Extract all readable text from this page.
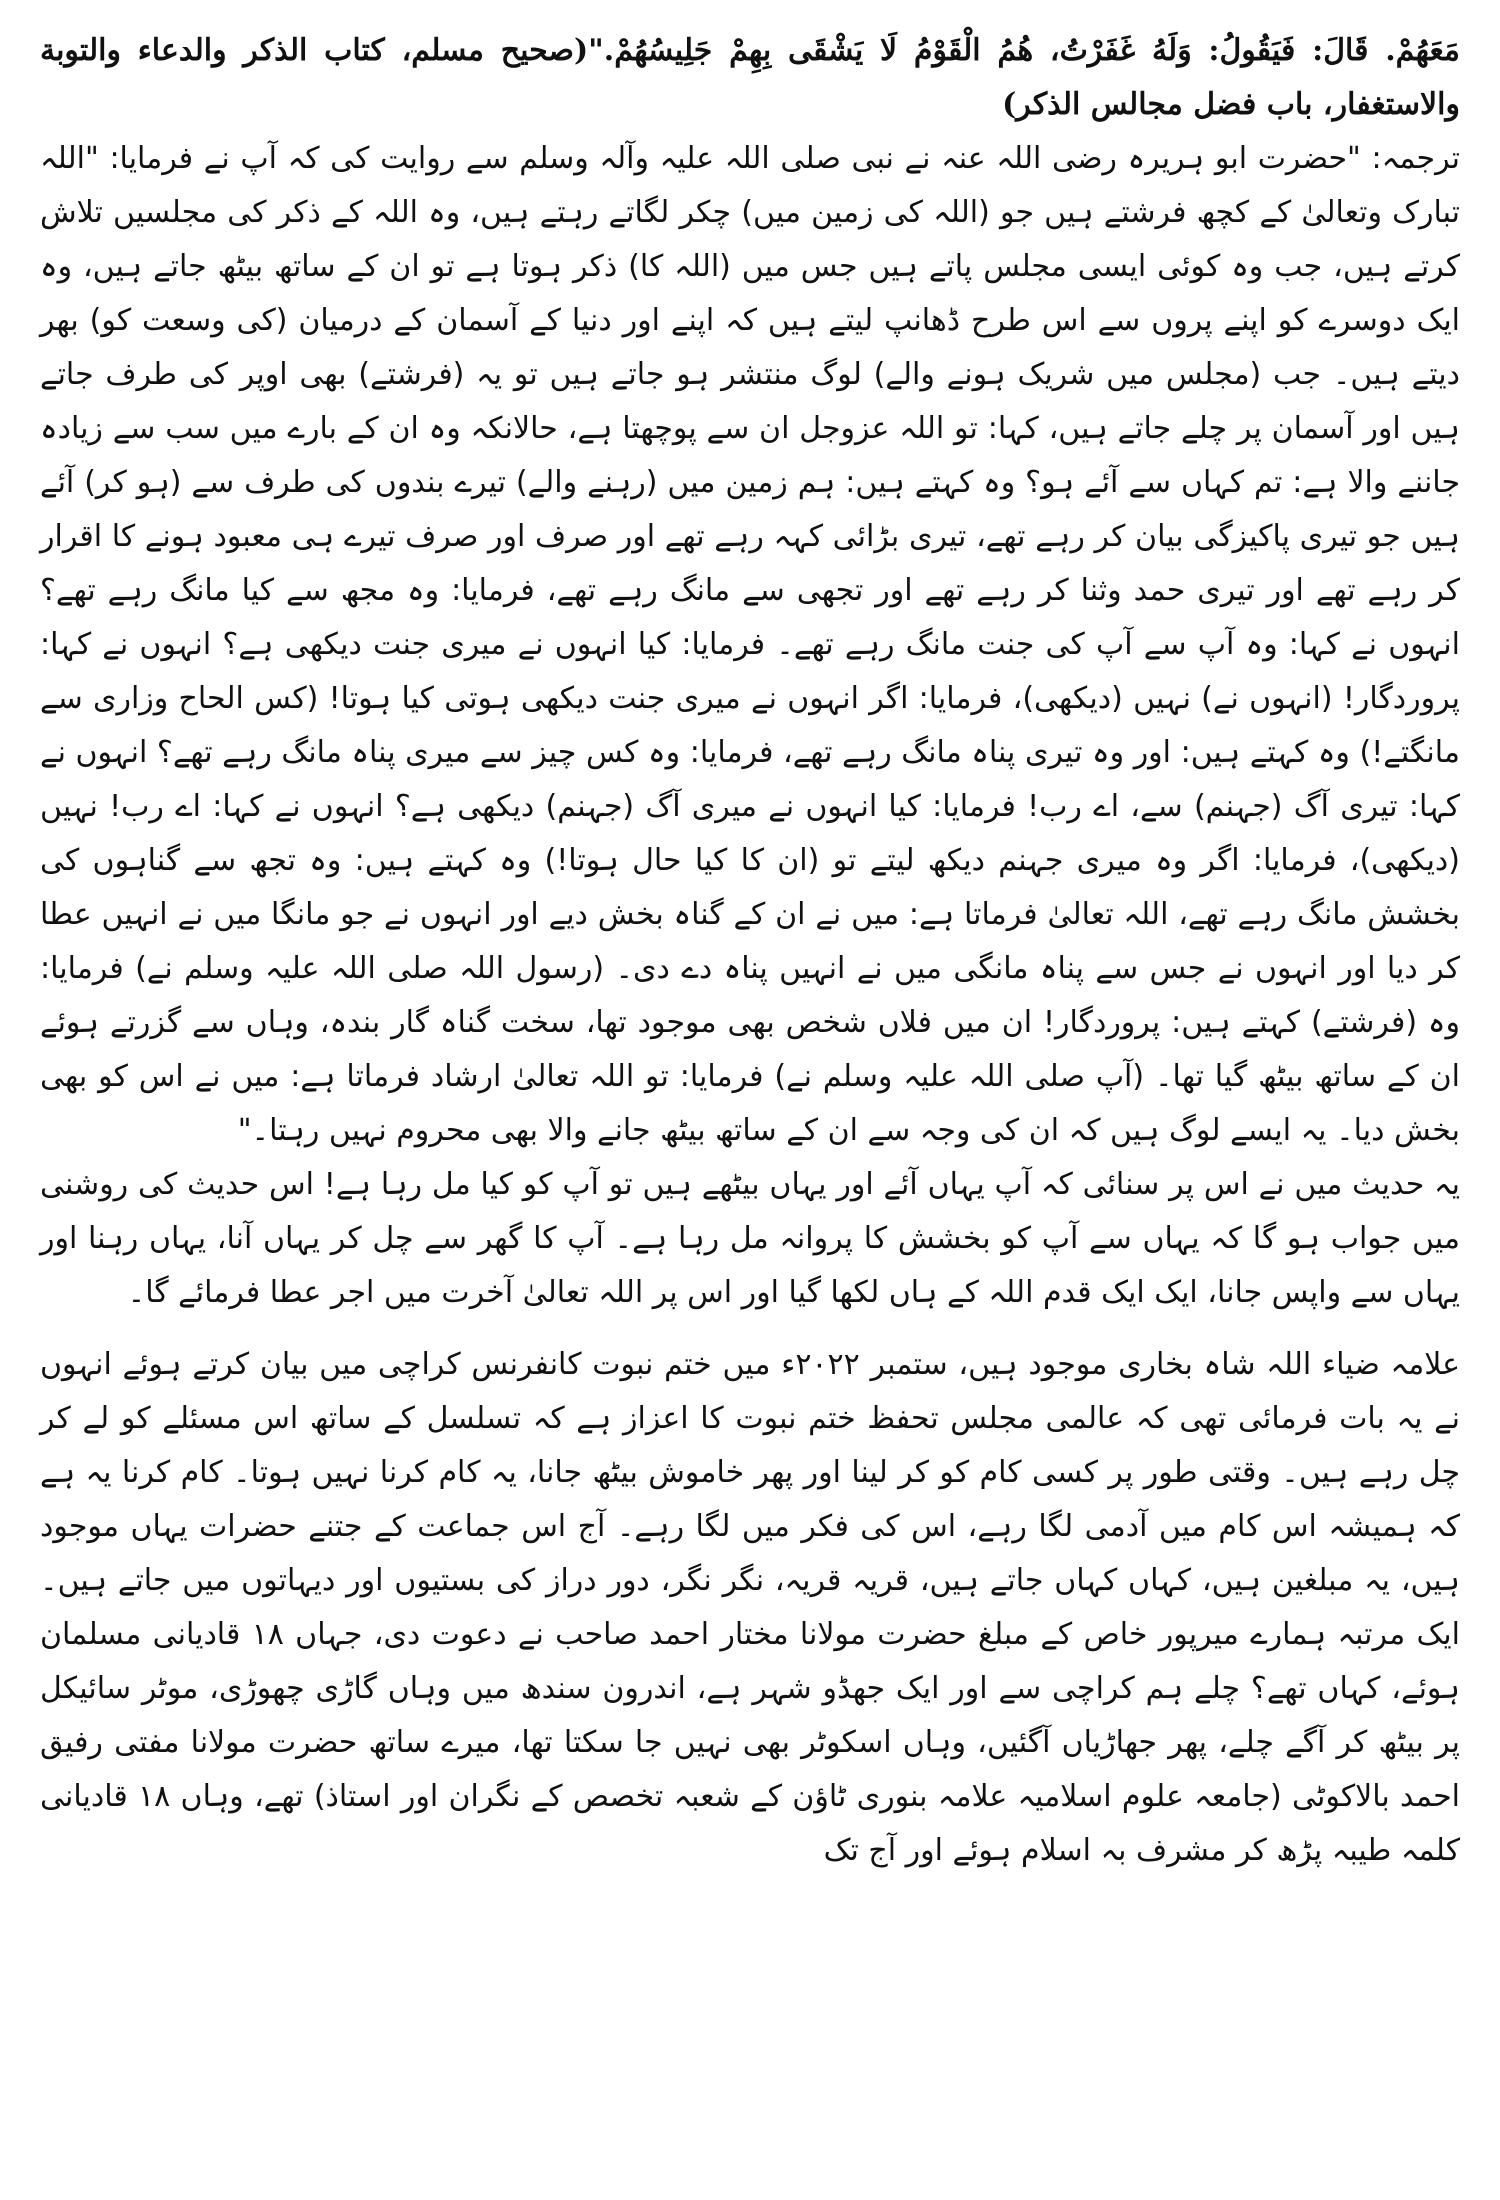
مَعَهُمْ. قَالَ: فَيَقُولُ: وَلَهُ غَفَرْتُ، هُمُ الْقَوْمُ لَا يَشْقَى بِهِمْ جَلِيسُهُمْ."(صحیح مسلم، کتاب الذکر والدعاء والتوبة والاستغفار، باب فضل مجالس الذکر)

ترجمہ: "حضرت ابو ہریرہ رضی اللہ عنہ نے نبی صلی اللہ علیہ وآلہ وسلم سے روایت کی کہ آپ نے فرمایا: "اللہ تبارک وتعالیٰ کے کچھ فرشتے ہیں جو (اللہ کی زمین میں) چکر لگاتے رہتے ہیں، وہ اللہ کے ذکر کی مجلسیں تلاش کرتے ہیں، جب وہ کوئی ایسی مجلس پاتے ہیں جس میں (اللہ کا) ذکر ہوتا ہے تو ان کے ساتھ بیٹھ جاتے ہیں، وہ ایک دوسرے کو اپنے پروں سے اس طرح ڈھانپ لیتے ہیں کہ اپنے اور دنیا کے آسمان کے درمیان (کی وسعت کو) بھر دیتے ہیں۔ جب (مجلس میں شریک ہونے والے) لوگ منتشر ہو جاتے ہیں تو یہ (فرشتے) بھی اوپر کی طرف جاتے ہیں اور آسمان پر چلے جاتے ہیں، کہا: تو اللہ عزوجل ان سے پوچھتا ہے، حالانکہ وہ ان کے بارے میں سب سے زیادہ جاننے والا ہے: تم کہاں سے آئے ہو؟ وہ کہتے ہیں: ہم زمین میں (رہنے والے) تیرے بندوں کی طرف سے (ہو کر) آئے ہیں جو تیری پاکیزگی بیان کر رہے تھے، تیری بڑائی کہہ رہے تھے اور صرف اور صرف تیرے ہی معبود ہونے کا اقرار کر رہے تھے اور تیری حمد وثنا کر رہے تھے اور تجھی سے مانگ رہے تھے، فرمایا: وہ مجھ سے کیا مانگ رہے تھے؟ انہوں نے کہا: وہ آپ سے آپ کی جنت مانگ رہے تھے۔ فرمایا: کیا انہوں نے میری جنت دیکھی ہے؟ انہوں نے کہا: پروردگار! (انہوں نے) نہیں (دیکھی)، فرمایا: اگر انہوں نے میری جنت دیکھی ہوتی کیا ہوتا! (کس الحاح وزاری سے مانگتے!) وہ کہتے ہیں: اور وہ تیری پناہ مانگ رہے تھے، فرمایا: وہ کس چیز سے میری پناہ مانگ رہے تھے؟ انہوں نے کہا: تیری آگ (جہنم) سے، اے رب! فرمایا: کیا انہوں نے میری آگ (جہنم) دیکھی ہے؟ انہوں نے کہا: اے رب! نہیں (دیکھی)، فرمایا: اگر وہ میری جہنم دیکھ لیتے تو (ان کا کیا حال ہوتا!) وہ کہتے ہیں: وہ تجھ سے گناہوں کی بخشش مانگ رہے تھے، اللہ تعالیٰ فرماتا ہے: میں نے ان کے گناہ بخش دیے اور انہوں نے جو مانگا میں نے انہیں عطا کر دیا اور انہوں نے جس سے پناہ مانگی میں نے انہیں پناہ دے دی۔ (رسول اللہ صلی اللہ علیہ وسلم نے) فرمایا: وہ (فرشتے) کہتے ہیں: پروردگار! ان میں فلاں شخص بھی موجود تھا، سخت گناہ گار بندہ، وہاں سے گزرتے ہوئے ان کے ساتھ بیٹھ گیا تھا۔ (آپ صلی اللہ علیہ وسلم نے) فرمایا: تو اللہ تعالیٰ ارشاد فرماتا ہے: میں نے اس کو بھی بخش دیا۔ یہ ایسے لوگ ہیں کہ ان کی وجہ سے ان کے ساتھ بیٹھ جانے والا بھی محروم نہیں رہتا۔"

یہ حدیث میں نے اس پر سنائی کہ آپ یہاں آئے اور یہاں بیٹھے ہیں تو آپ کو کیا مل رہا ہے! اس حدیث کی روشنی میں جواب ہو گا کہ یہاں سے آپ کو بخشش کا پروانہ مل رہا ہے۔ آپ کا گھر سے چل کر یہاں آنا، یہاں رہنا اور یہاں سے واپس جانا، ایک ایک قدم اللہ کے ہاں لکھا گیا اور اس پر اللہ تعالیٰ آخرت میں اجر عطا فرمائے گا۔

علامہ ضیاء اللہ شاہ بخاری موجود ہیں، ستمبر ۲۰۲۲ء میں ختم نبوت کانفرنس کراچی میں بیان کرتے ہوئے انہوں نے یہ بات فرمائی تھی کہ عالمی مجلس تحفظ ختم نبوت کا اعزاز ہے کہ تسلسل کے ساتھ اس مسئلے کو لے کر چل رہے ہیں۔ وقتی طور پر کسی کام کو کر لینا اور پھر خاموش بیٹھ جانا، یہ کام کرنا نہیں ہوتا۔ کام کرنا یہ ہے کہ ہمیشہ اس کام میں آدمی لگا رہے، اس کی فکر میں لگا رہے۔ آج اس جماعت کے جتنے حضرات یہاں موجود ہیں، یہ مبلغین ہیں، کہاں کہاں جاتے ہیں، قریہ قریہ، نگر نگر، دور دراز کی بستیوں اور دیہاتوں میں جاتے ہیں۔ ایک مرتبہ ہمارے میرپور خاص کے مبلغ حضرت مولانا مختار احمد صاحب نے دعوت دی، جہاں ۱۸ قادیانی مسلمان ہوئے، کہاں تھے؟ چلے ہم کراچی سے اور ایک جھڈو شہر ہے، اندرون سندھ میں وہاں گاڑی چھوڑی، موٹر سائیکل پر بیٹھ کر آگے چلے، پھر جھاڑیاں آگئیں، وہاں اسکوٹر بھی نہیں جا سکتا تھا، میرے ساتھ حضرت مولانا مفتی رفیق احمد بالاکوٹی (جامعہ علوم اسلامیہ علامہ بنوری ٹاؤن کے شعبہ تخصص کے نگران اور استاذ) تھے، وہاں ۱۸ قادیانی کلمہ طیبہ پڑھ کر مشرف بہ اسلام ہوئے اور آج تک
